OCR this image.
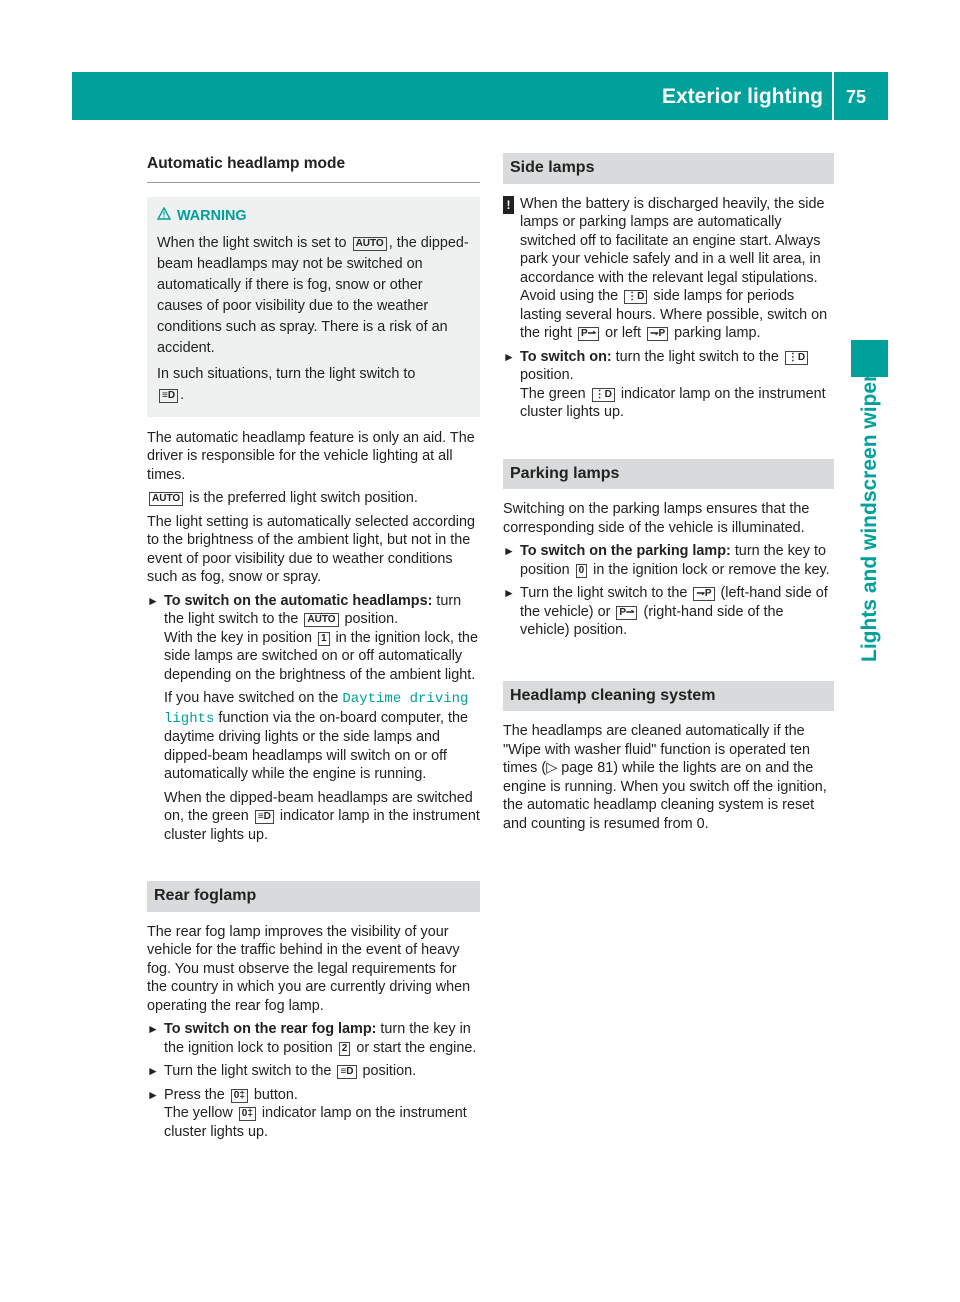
Exterior lighting 75
Lights and windscreen wipers
Automatic headlamp mode
WARNING

When the light switch is set to AUTO , the dipped-beam headlamps may not be switched on automatically if there is fog, snow or other causes of poor visibility due to the weather conditions such as spray. There is a risk of an accident.

In such situations, turn the light switch to
≡D .

The automatic headlamp feature is only an aid. The driver is responsible for the vehicle lighting at all times.

AUTO is the preferred light switch position.

The light setting is automatically selected according to the brightness of the ambient light, but not in the event of poor visibility due to weather conditions such as fog, snow or spray.

► To switch on the automatic headlamps: turn the light switch to the AUTO position.
With the key in position 1 in the ignition lock, the side lamps are switched on or off automatically depending on the brightness of the ambient light.

If you have switched on the Daytime driving lights function via the on-board computer, the daytime driving lights or the side lamps and dipped-beam headlamps will switch on or off automatically while the engine is running.

When the dipped-beam headlamps are switched on, the green ≡D indicator lamp in the instrument cluster lights up.

Rear foglamp

The rear fog lamp improves the visibility of your vehicle for the traffic behind in the event of heavy fog. You must observe the legal requirements for the country in which you are currently driving when operating the rear fog lamp.

► To switch on the rear fog lamp: turn the key in the ignition lock to position 2 or start the engine.
► Turn the light switch to the ≡D position.
► Press the 0‡ button.
The yellow 0‡ indicator lamp on the instrument cluster lights up.
Side lamps
! When the battery is discharged heavily, the side lamps or parking lamps are automatically switched off to facilitate an engine start. Always park your vehicle safely and in a well lit area, in accordance with the relevant legal stipulations. Avoid using the ⋮D side lamps for periods lasting several hours. Where possible, switch on the right P⇀ or left ⇁P parking lamp.
► To switch on: turn the light switch to the ⋮D position.
The green ⋮D indicator lamp on the instrument cluster lights up.
Parking lamps

Switching on the parking lamps ensures that the corresponding side of the vehicle is illuminated.

► To switch on the parking lamp: turn the key to position 0 in the ignition lock or remove the key.
► Turn the light switch to the ⇁P (left-hand side of the vehicle) or P⇀ (right-hand side of the vehicle) position.
Headlamp cleaning system

The headlamps are cleaned automatically if the "Wipe with washer fluid" function is operated ten times (▷ page 81) while the lights are on and the engine is running. When you switch off the ignition, the automatic headlamp cleaning system is reset and counting is resumed from 0.
